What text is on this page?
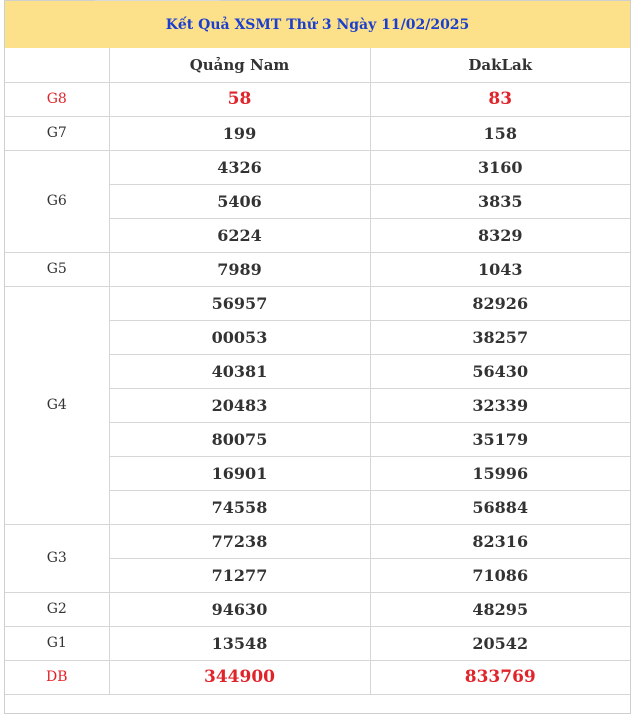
Kết Quả XSMT Thứ 3 Ngày 11/02/2025
	Quảng Nam	DakLak
G8	58	83
G7	199	158
G6	4326	3160
	5406	3835
	6224	8329
G5	7989	1043
G4	56957	82926
	00053	38257
	40381	56430
	20483	32339
	80075	35179
	16901	15996
	74558	56884
G3	77238	82316
	71277	71086
G2	94630	48295
G1	13548	20542
DB	344900	833769
